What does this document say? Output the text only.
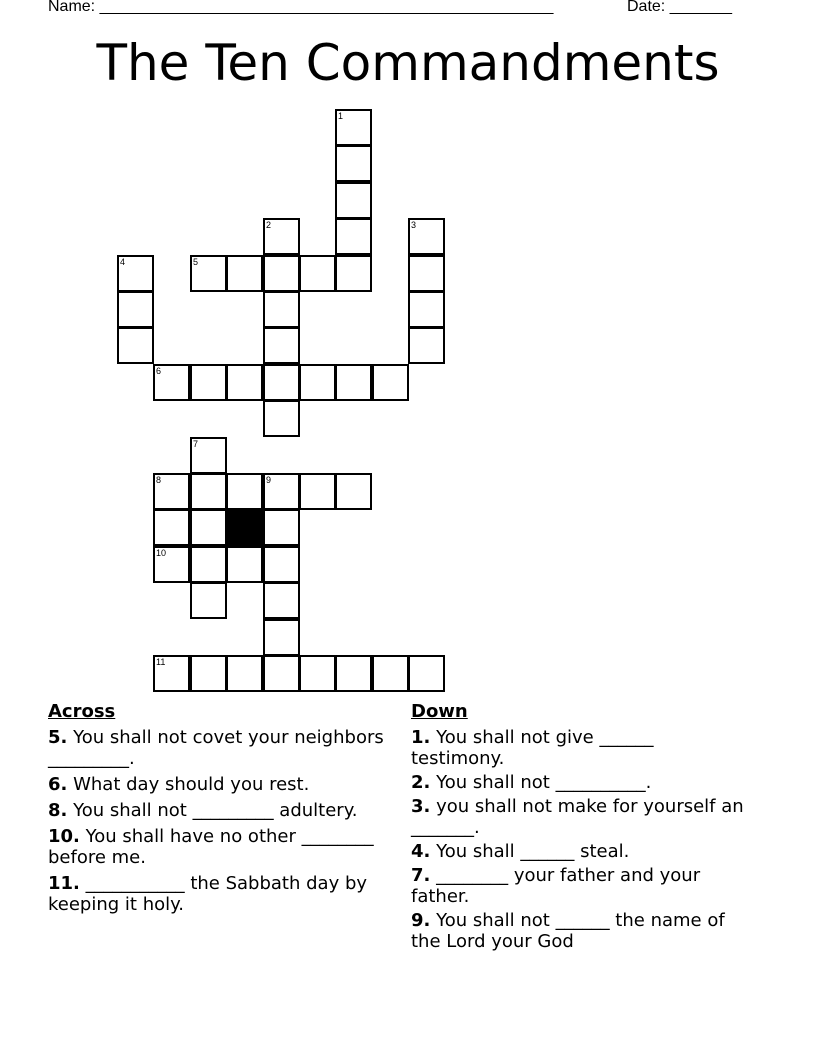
Name: ___________________________________________________	Date: _______
The Ten Commandments
1
2	3
4	5
6
7
8	9
10
11
Across
5. You shall not covet your neighbors _________.
6. What day should you rest.
8. You shall not _________ adultery.
10. You shall have no other ________ before me.
11. ___________ the Sabbath day by keeping it holy.
Down
1. You shall not give ______ testimony.
2. You shall not __________.
3. you shall not make for yourself an _______.
4. You shall ______ steal.
7. ________ your father and your father.
9. You shall not ______ the name of the Lord your God
